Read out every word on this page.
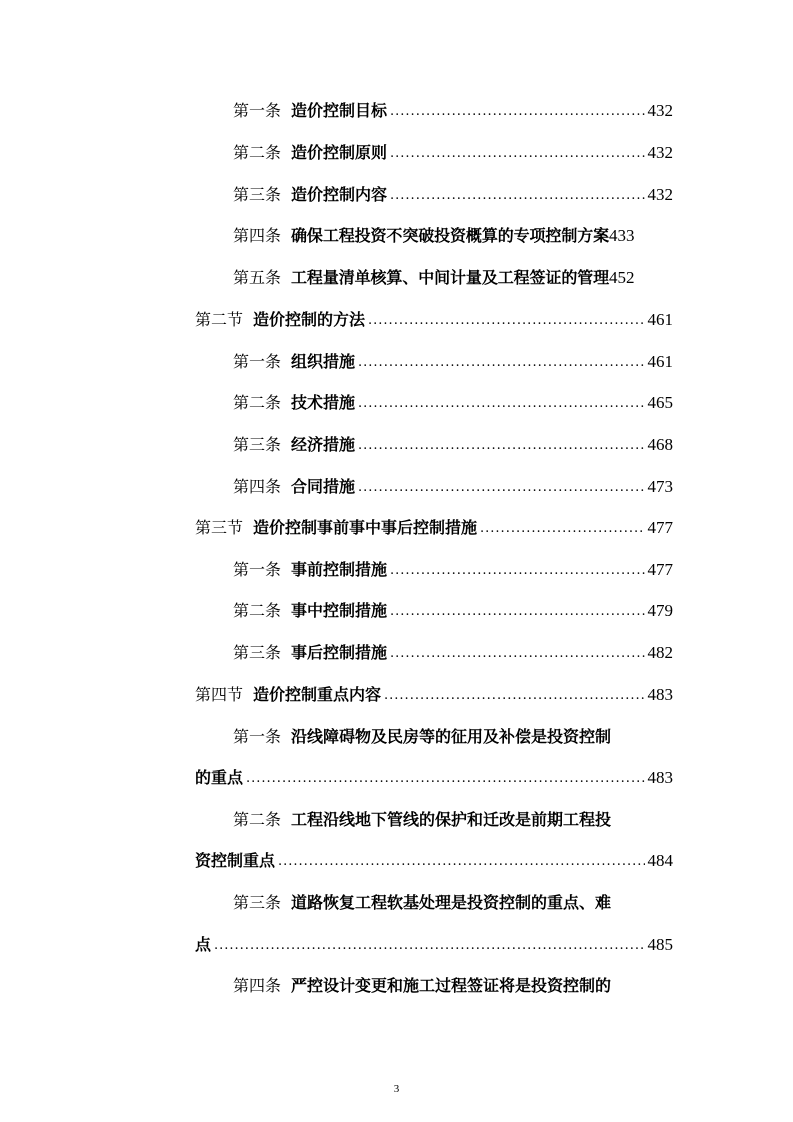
第一条 造价控制目标 .....	432
第二条 造价控制原则 .....	432
第三条 造价控制内容 .....	432
第四条 确保工程投资不突破投资概算的专项控制方案 433
第五条 工程量清单核算、中间计量及工程签证的管理 452
第二节 造价控制的方法 .....	461
第一条 组织措施 .....	461
第二条 技术措施 .....	465
第三条 经济措施 .....	468
第四条 合同措施 .....	473
第三节 造价控制事前事中事后控制措施 .....	477
第一条 事前控制措施 .....	477
第二条 事中控制措施 .....	479
第三条 事后控制措施 .....	482
第四节 造价控制重点内容 .....	483
第一条 沿线障碍物及民房等的征用及补偿是投资控制
的重点 .....	483
第二条 工程沿线地下管线的保护和迁改是前期工程投
资控制重点 .....	484
第三条 道路恢复工程软基处理是投资控制的重点、难
点 .....	485
第四条 严控设计变更和施工过程签证将是投资控制的
3
